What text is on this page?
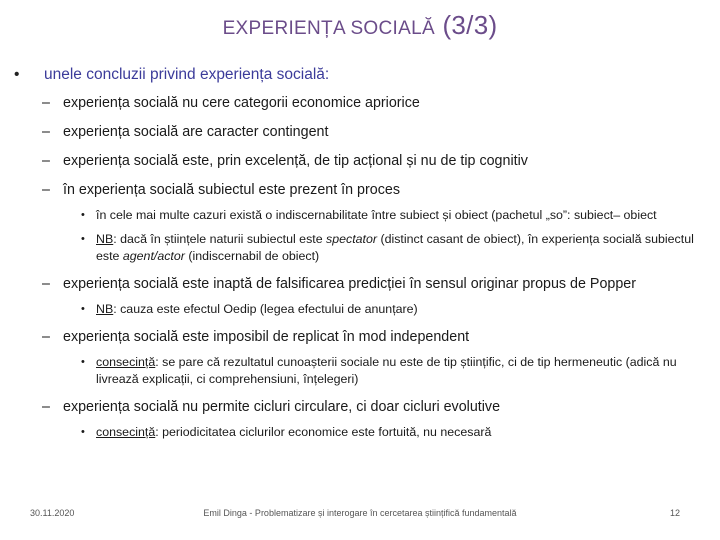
EXPERIENȚA SOCIALĂ (3/3)
• unele concluzii privind experiența socială:
– experiența socială nu cere categorii economice apriorice
– experiența socială are caracter contingent
– experiența socială este, prin excelență, de tip acțional și nu de tip cognitiv
– în experiența socială subiectul este prezent în proces
• în cele mai multe cazuri există o indiscernabilitate între subiect și obiect (pachetul „so”: subiect– obiect
• NB: dacă în științele naturii subiectul este spectator (distinct casant de obiect), în experiența socială subiectul este agent/actor (indiscernabil de obiect)
– experiența socială este inaptă de falsificarea predicției în sensul originar propus de Popper
• NB: cauza este efectul Oedip (legea efectului de anunțare)
– experiența socială este imposibil de replicat în mod independent
• consecință: se pare că rezultatul cunoașterii sociale nu este de tip științific, ci de tip hermeneutic (adică nu livrează explicații, ci comprehensiuni, înțelegeri)
– experiența socială nu permite cicluri circulare, ci doar cicluri evolutive
• consecință: periodicitatea ciclurilor economice este fortuită, nu necesară
30.11.2020	Emil Dinga - Problematizare și interogare în cercetarea științifică fundamentală	12
